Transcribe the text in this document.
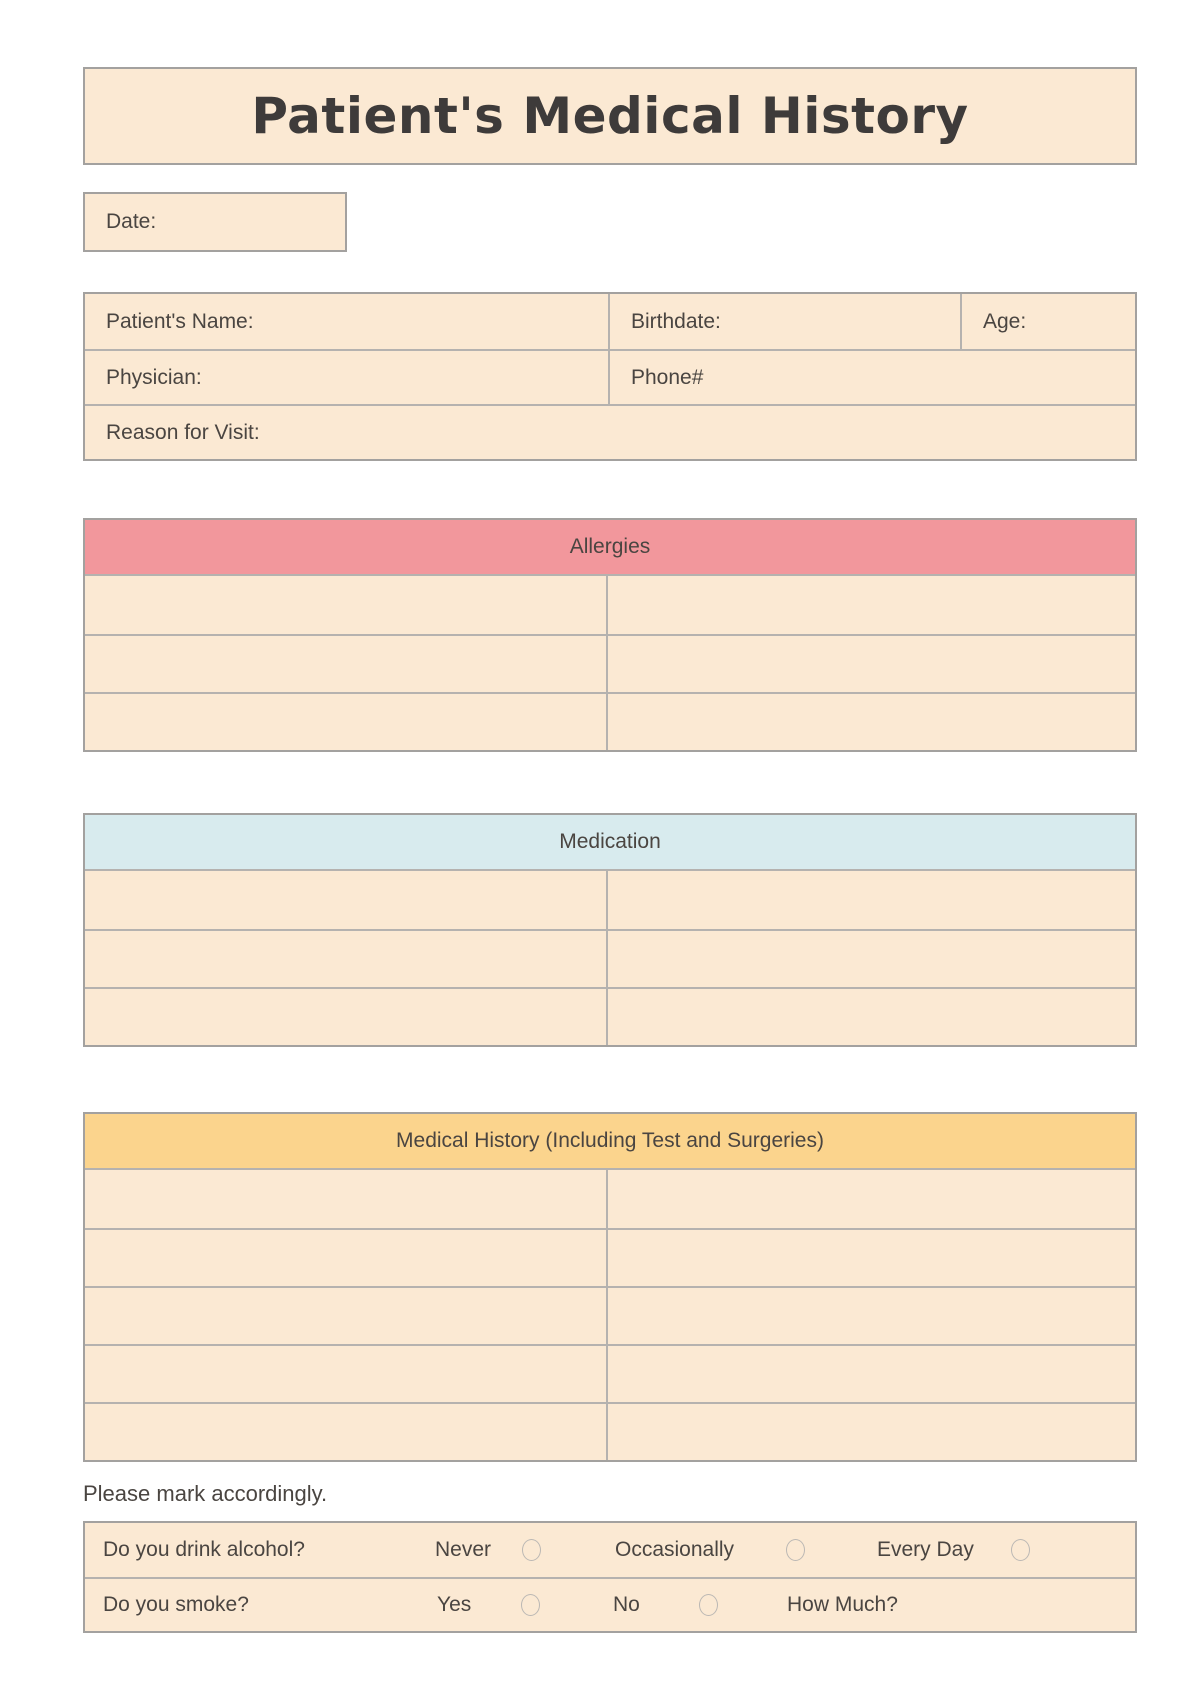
Patient's Medical History
Date:
Patient's Name:	Birthdate:	Age:
Physician:	Phone#
Reason for Visit:
Allergies
Medication
Medical History (Including Test and Surgeries)
Please mark accordingly.
Do you drink alcohol?	Never	Occasionally	Every Day
Do you smoke?	Yes	No	How Much?
